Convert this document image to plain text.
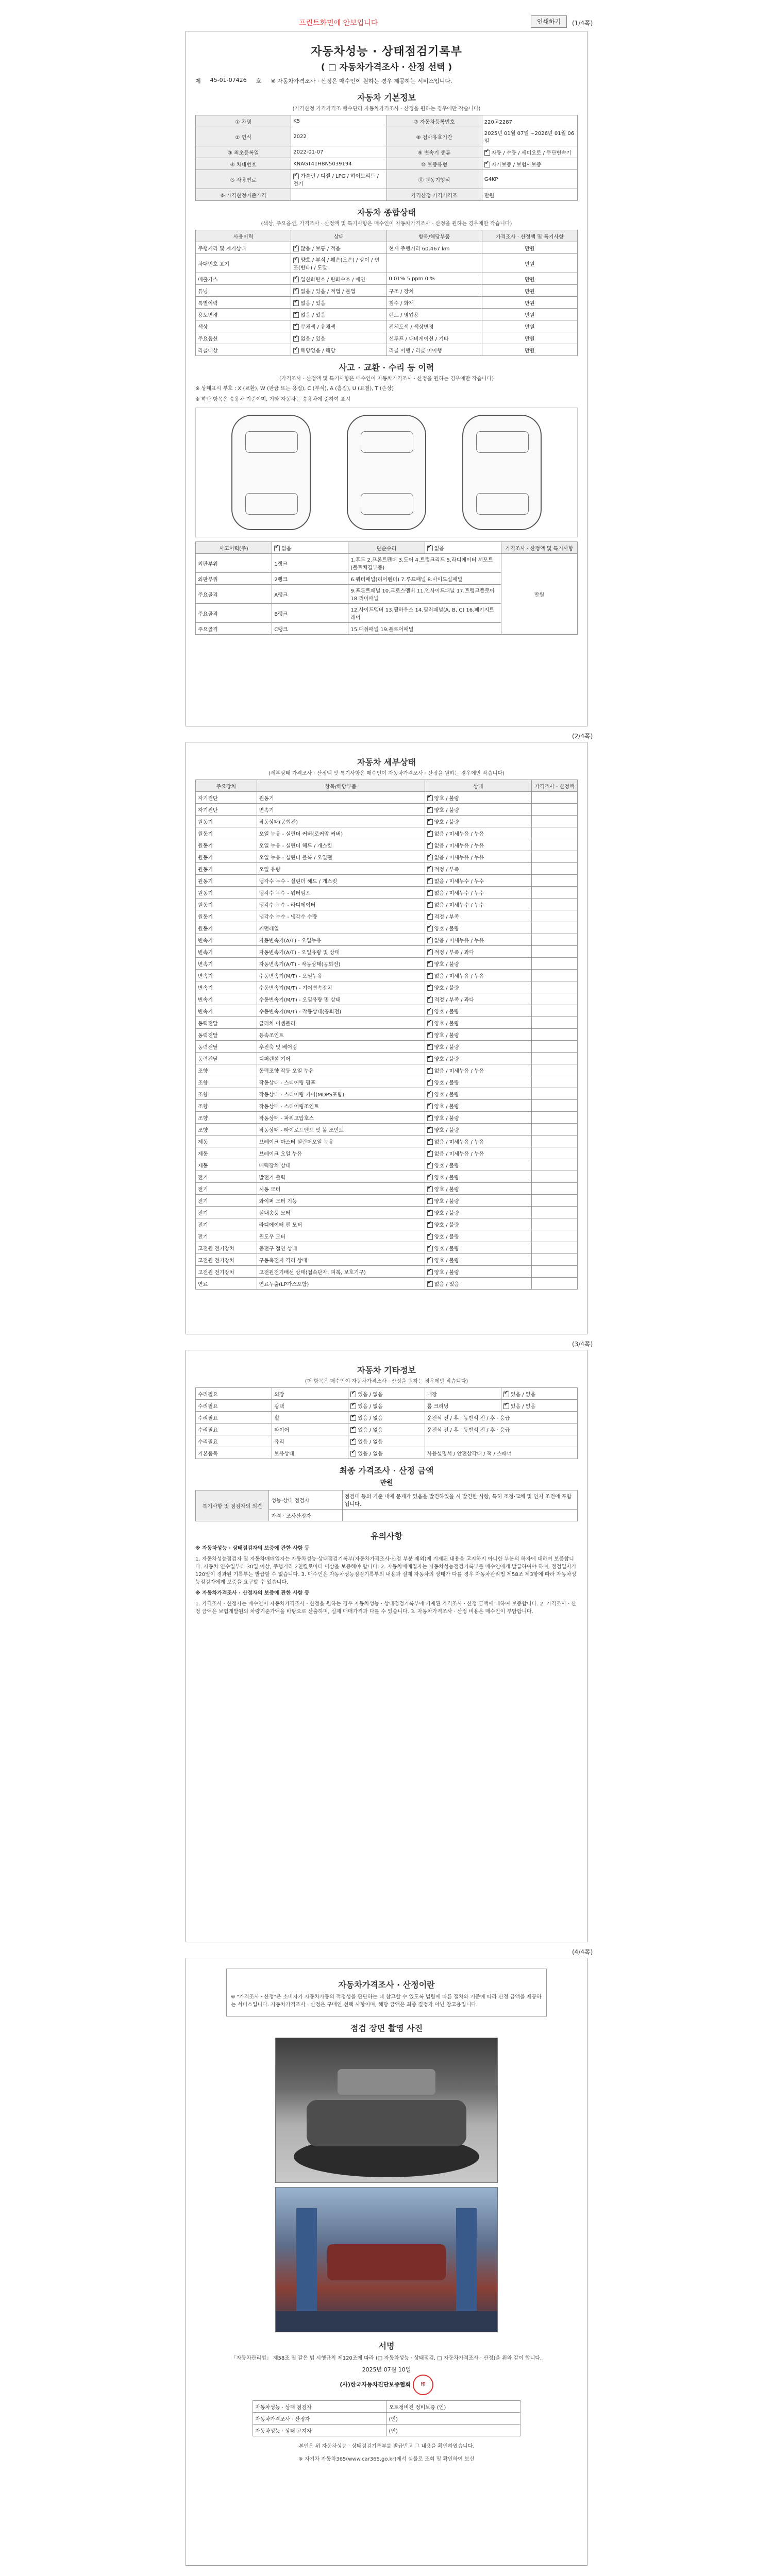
프린트화면에 안보입니다	인쇄하기	(1/4쪽)
자동차성능 · 상태점검기록부
( □ 자동차가격조사 · 산정 선택 )
제 45-01-07426 호 ※ 자동차가격조사 · 산정은 매수인이 원하는 경우 제공하는 서비스입니다.
자동차 기본정보
(가격산정 가격가격조 행수단리 자동차가격조사 · 산정을 원하는 경우에만 작습니다)
① 차명	K5	⑦ 자동차등록번호	220고2287
② 연식	2022	⑧ 검사유효기간	2025년 01월 07일 ~2026년 01월 06일
③ 최초등록일	2022-01-07	⑨ 변속기 종류	✔자동 / 수동 / 세미오토 / 무단변속기
④ 차대번호	KNAGT41HBN5039194	⑩ 보증유형	✔자가보증 / 보험사보증
⑤ 사용연료	✔가솔린 / 디젤 / LPG / 하이브리드 / 전기	⑪ 원동기형식	G4KP
⑥ 가격산정기준가격		가격산정 가격가격조	만원
자동차 종합상태
(색상, 주요옵션, 가격조사 · 산정액 및 특기사항은 매수인이 자동차가격조사 · 산정을 원하는 경우에만 작습니다)
사용이력	상태	항목/해당부품	가격조사 · 산정액 및 특기사항
주행거리 및 계기상태	✔많음 / 보통 / 적음	현재 주행거리 60,467 km	만원
차대번호 표기	✔양호 / 부식 / 훼손(오손) / 상이 / 변조(변타) / 도말		만원
배출가스	✔일산화탄소 / 탄화수소 / 매연	0.01% 5 ppm 0 %	만원
튜닝	✔없음 / 있음 / 적법 / 불법	구조 / 장치	만원
특별이력	✔없음 / 있음	침수 / 화재	만원
용도변경	✔없음 / 있음	렌트 / 영업용	만원
색상	✔무채색 / 유채색	전체도색 / 색상변경	만원
주요옵션	✔없음 / 있음	선루프 / 내비게이션 / 기타	만원
리콜대상	✔해당없음 / 해당	리콜 이행 / 리콜 미이행	만원
사고 · 교환 · 수리 등 이력
(가격조사 · 산정액 및 특기사항은 매수인이 자동차가격조사 · 산정을 원하는 경우에만 작습니다)
※ 상태표시 부호 : X (교환), W (판금 또는 용접), C (부식), A (흠집), U (요철), T (손상)
※ 하단 항목은 승용차 기준이며, 기타 자동차는 승용차에 준하여 표시
사고이력(주)	✔없음	단순수리	✔없음	가격조사 · 산정액 및 특기사항
외판부위	1랭크	1.후드 2.프론트펜더 3.도어 4.트렁크리드 5.라디에이터 서포트(볼트체결부품)		만원
외판부위	2랭크	6.쿼터패널(리어펜더) 7.루프패널 8.사이드실패널		
주요골격	A랭크	9.프론트패널 10.크로스멤버 11.인사이드패널 17.트렁크플로어 18.리어패널		
주요골격	B랭크	12.사이드멤버 13.휠하우스 14.필러패널(A, B, C) 16.패키지트레이		
주요골격	C랭크	15.대쉬패널 19.플로어패널		
(2/4쪽)
자동차 세부상태
(세부상태 가격조사 · 산정액 및 특기사항은 매수인이 자동차가격조사 · 산정을 원하는 경우에만 작습니다)
주요장치	항목/해당부품	상태	가격조사 · 산정액
자기진단	원동기	✔양호 / 불량	
자기진단	변속기	✔양호 / 불량	
원동기	작동상태(공회전)	✔양호 / 불량	
원동기	오일 누유 - 실린더 커버(로커암 커버)	✔없음 / 미세누유 / 누유	
원동기	오일 누유 - 실린더 헤드 / 개스킷	✔없음 / 미세누유 / 누유	
원동기	오일 누유 - 실린더 블록 / 오일팬	✔없음 / 미세누유 / 누유	
원동기	오일 유량	✔적정 / 부족	
원동기	냉각수 누수 - 실린더 헤드 / 개스킷	✔없음 / 미세누수 / 누수	
원동기	냉각수 누수 - 워터펌프	✔없음 / 미세누수 / 누수	
원동기	냉각수 누수 - 라디에이터	✔없음 / 미세누수 / 누수	
원동기	냉각수 누수 - 냉각수 수량	✔적정 / 부족	
원동기	커먼레일	✔양호 / 불량	
변속기	자동변속기(A/T) - 오일누유	✔없음 / 미세누유 / 누유	
변속기	자동변속기(A/T) - 오일유량 및 상태	✔적정 / 부족 / 과다	
변속기	자동변속기(A/T) - 작동상태(공회전)	✔양호 / 불량	
변속기	수동변속기(M/T) - 오일누유	✔없음 / 미세누유 / 누유	
변속기	수동변속기(M/T) - 기어변속장치	✔양호 / 불량	
변속기	수동변속기(M/T) - 오일유량 및 상태	✔적정 / 부족 / 과다	
변속기	수동변속기(M/T) - 작동상태(공회전)	✔양호 / 불량	
동력전달	클러치 어셈블리	✔양호 / 불량	
동력전달	등속조인트	✔양호 / 불량	
동력전달	추진축 및 베어링	✔양호 / 불량	
동력전달	디퍼렌셜 기어	✔양호 / 불량	
조향	동력조향 작동 오일 누유	✔없음 / 미세누유 / 누유	
조향	작동상태 - 스티어링 펌프	✔양호 / 불량	
조향	작동상태 - 스티어링 기어(MDPS포함)	✔양호 / 불량	
조향	작동상태 - 스티어링조인트	✔양호 / 불량	
조향	작동상태 - 파워고압호스	✔양호 / 불량	
조향	작동상태 - 타이로드엔드 및 볼 조인트	✔양호 / 불량	
제동	브레이크 마스터 실린더오일 누유	✔없음 / 미세누유 / 누유	
제동	브레이크 오일 누유	✔없음 / 미세누유 / 누유	
제동	배력장치 상태	✔양호 / 불량	
전기	발전기 출력	✔양호 / 불량	
전기	시동 모터	✔양호 / 불량	
전기	와이퍼 모터 기능	✔양호 / 불량	
전기	실내송풍 모터	✔양호 / 불량	
전기	라디에이터 팬 모터	✔양호 / 불량	
전기	윈도우 모터	✔양호 / 불량	
고전원 전기장치	충전구 절연 상태	✔양호 / 불량	
고전원 전기장치	구동축전지 격리 상태	✔양호 / 불량	
고전원 전기장치	고전원전기배선 상태(접속단자, 피복, 보호기구)	✔양호 / 불량	
연료	연료누출(LP가스포함)	✔없음 / 있음	
(3/4쪽)
자동차 기타정보
(더 항목은 매수인이 자동차가격조사 · 산정을 원하는 경우에만 작습니다)
수리필요	외장	✔있음 / 없음	내장	✔있음 / 없음
수리필요	광택	✔있음 / 없음	룸 크리닝	✔있음 / 없음
수리필요	휠	✔있음 / 없음	운전석 전 / 후 · 동반석 전 / 후 · 응급	
수리필요	타이어	✔있음 / 없음	운전석 전 / 후 · 동반석 전 / 후 · 응급	
수리필요	유리	✔있음 / 없음	
기본품목	보유상태	✔있음 / 없음	사용설명서 / 안전삼각대 / 잭 / 스패너	
최종 가격조사 · 산정 금액
만원
특기사항 및 점검자의 의견	성능·상태 점검자	점검대 등의 기준 내에 문제가 있음을 발견하였을 시 발견한 사항, 특히 조정·교체 및 인지 조건에 포함됩니다.
	가격 · 조사산정자	
유의사항
※ 자동차성능 · 상태점검자의 보증에 관한 사항 등
1. 자동차성능점검자 및 자동차매매업자는 자동차성능·상태점검기록부(자동차가격조사·산정 부분 제외)에 기재된 내용을 고지하지 아니한 부분의 하자에 대하여 보증합니다. 자동차 인수일부터 30일 이상, 주행거리 2천킬로미터 이상을 보증해야 합니다. 2. 자동차매매업자는 자동차성능점검기록부를 매수인에게 발급하여야 하며, 점검일자가 120일이 경과된 기록부는 발급할 수 없습니다. 3. 매수인은 자동차성능점검기록부의 내용과 실제 자동차의 상태가 다를 경우 자동차관리법 제58조 제3항에 따라 자동차성능점검자에게 보증을 요구할 수 있습니다.
※ 자동차가격조사 · 산정자의 보증에 관한 사항 등
1. 가격조사 · 산정자는 매수인이 자동차가격조사 · 산정을 원하는 경우 자동차성능 · 상태점검기록부에 기재된 가격조사 · 산정 금액에 대하여 보증합니다. 2. 가격조사 · 산정 금액은 보험개발원의 차량기준가액을 바탕으로 산출하며, 실제 매매가격과 다를 수 있습니다. 3. 자동차가격조사 · 산정 비용은 매수인이 부담합니다.
(4/4쪽)
자동차가격조사 · 산정이란
※ "가격조사 · 산정"은 소비자가 자동차가동의 적정성을 판단하는 데 참고할 수 있도록 법령에 따른 절차와 기준에 따라 산정 금액을 제공하는 서비스입니다. 자동차가격조사 · 산정은 구매인 선택 사항이며, 해당 금액은 최종 결정가 아닌 참고용입니다.
점검 장면 촬영 사진
서명
「자동차관리법」 제58조 및 같은 법 시행규칙 제120조에 따라 (□ 자동차성능 · 상태점검, □ 자동차가격조사 · 산정)을 위와 같이 합니다.
2025년 07월 10일
(사)한국자동차진단보증협회 印
자동차성능 · 상태 점검자	오토정비진 정비보증 (인)
자동차가격조사 · 산정자	(인)
자동차성능 · 상태 고지자	(인)
본인은 위 자동차성능 · 상태점검기록부를 발급받고 그 내용을 확인하였습니다.
※ 자기차 자동차365(www.car365.go.kr)에서 실물로 조회 및 확인하여 보신
